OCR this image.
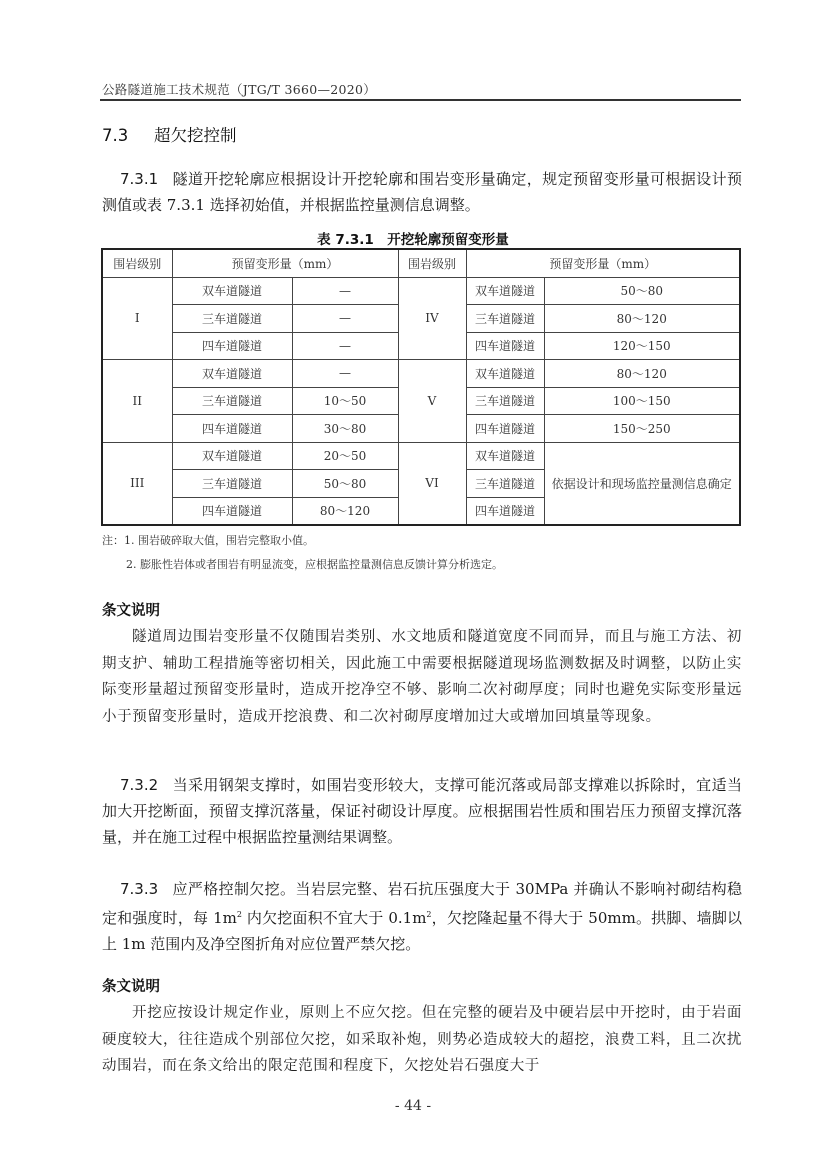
公路隧道施工技术规范（JTG/T 3660—2020）
7.3 超欠挖控制
7.3.1 隧道开挖轮廓应根据设计开挖轮廓和围岩变形量确定，规定预留变形量可根据设计预测值或表 7.3.1 选择初始值，并根据监控量测信息调整。
表 7.3.1　开挖轮廓预留变形量
围岩级别	预留变形量（mm）		围岩级别	预留变形量（mm）	
I	双车道隧道	—	IV	双车道隧道	50～80
	三车道隧道	—		三车道隧道	80～120
	四车道隧道	—		四车道隧道	120～150
II	双车道隧道	—	V	双车道隧道	80～120
	三车道隧道	10～50		三车道隧道	100～150
	四车道隧道	30～80		四车道隧道	150～250
III	双车道隧道	20～50	VI	双车道隧道	依据设计和现场监控量测信息确定
	三车道隧道	50～80		三车道隧道	
	四车道隧道	80～120		四车道隧道	
注：1. 围岩破碎取大值，围岩完整取小值。
2. 膨胀性岩体或者围岩有明显流变，应根据监控量测信息反馈计算分析选定。
条文说明
隧道周边围岩变形量不仅随围岩类别、水文地质和隧道宽度不同而异，而且与施工方法、初期支护、辅助工程措施等密切相关，因此施工中需要根据隧道现场监测数据及时调整，以防止实际变形量超过预留变形量时，造成开挖净空不够、影响二次衬砌厚度；同时也避免实际变形量远小于预留变形量时，造成开挖浪费、和二次衬砌厚度增加过大或增加回填量等现象。
7.3.2 当采用钢架支撑时，如围岩变形较大，支撑可能沉落或局部支撑难以拆除时，宜适当加大开挖断面，预留支撑沉落量，保证衬砌设计厚度。应根据围岩性质和围岩压力预留支撑沉落量，并在施工过程中根据监控量测结果调整。
7.3.3 应严格控制欠挖。当岩层完整、岩石抗压强度大于 30MPa 并确认不影响衬砌结构稳定和强度时，每 $1m^2$ 内欠挖面积不宜大于 $0.1m^2$，欠挖隆起量不得大于 50mm。拱脚、墙脚以上 1m 范围内及净空图折角对应位置严禁欠挖。
条文说明
开挖应按设计规定作业，原则上不应欠挖。但在完整的硬岩及中硬岩层中开挖时，由于岩面硬度较大，往往造成个别部位欠挖，如采取补炮，则势必造成较大的超挖，浪费工料，且二次扰动围岩，而在条文给出的限定范围和程度下，欠挖处岩石强度大于
- 44 -
